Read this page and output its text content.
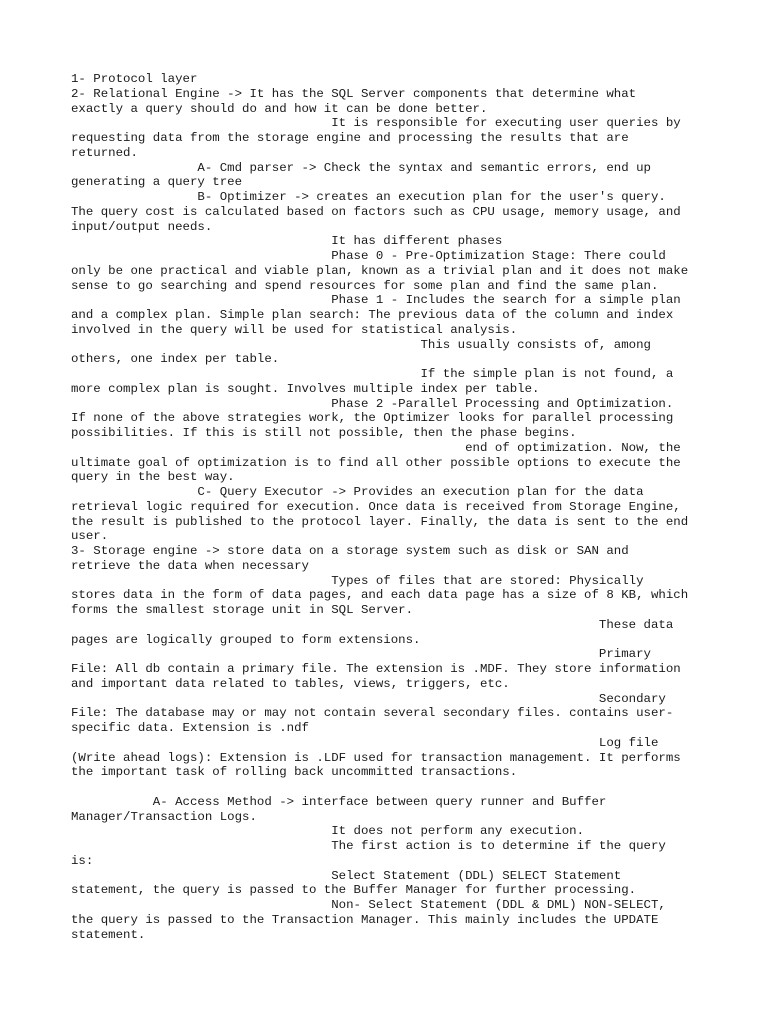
1- Protocol layer
2- Relational Engine -> It has the SQL Server components that determine what
exactly a query should do and how it can be done better.
It is responsible for executing user queries by
requesting data from the storage engine and processing the results that are
returned.
A- Cmd parser -> Check the syntax and semantic errors, end up
generating a query tree
B- Optimizer -> creates an execution plan for the user's query.
The query cost is calculated based on factors such as CPU usage, memory usage, and
input/output needs.
It has different phases
Phase 0 - Pre-Optimization Stage: There could
only be one practical and viable plan, known as a trivial plan and it does not make
sense to go searching and spend resources for some plan and find the same plan.
Phase 1 - Includes the search for a simple plan
and a complex plan. Simple plan search: The previous data of the column and index
involved in the query will be used for statistical analysis.
This usually consists of, among
others, one index per table.
If the simple plan is not found, a
more complex plan is sought. Involves multiple index per table.
Phase 2 -Parallel Processing and Optimization.
If none of the above strategies work, the Optimizer looks for parallel processing
possibilities. If this is still not possible, then the phase begins.
end of optimization. Now, the
ultimate goal of optimization is to find all other possible options to execute the
query in the best way.
C- Query Executor -> Provides an execution plan for the data
retrieval logic required for execution. Once data is received from Storage Engine,
the result is published to the protocol layer. Finally, the data is sent to the end
user.
3- Storage engine -> store data on a storage system such as disk or SAN and
retrieve the data when necessary
Types of files that are stored: Physically
stores data in the form of data pages, and each data page has a size of 8 KB, which
forms the smallest storage unit in SQL Server.
These data
pages are logically grouped to form extensions.
Primary
File: All db contain a primary file. The extension is .MDF. They store information
and important data related to tables, views, triggers, etc.
Secondary
File: The database may or may not contain several secondary files. contains user-
specific data. Extension is .ndf
Log file
(Write ahead logs): Extension is .LDF used for transaction management. It performs
the important task of rolling back uncommitted transactions.
A- Access Method -> interface between query runner and Buffer
Manager/Transaction Logs.
It does not perform any execution.
The first action is to determine if the query
is:
Select Statement (DDL) SELECT Statement
statement, the query is passed to the Buffer Manager for further processing.
Non- Select Statement (DDL & DML) NON-SELECT,
the query is passed to the Transaction Manager. This mainly includes the UPDATE
statement.
